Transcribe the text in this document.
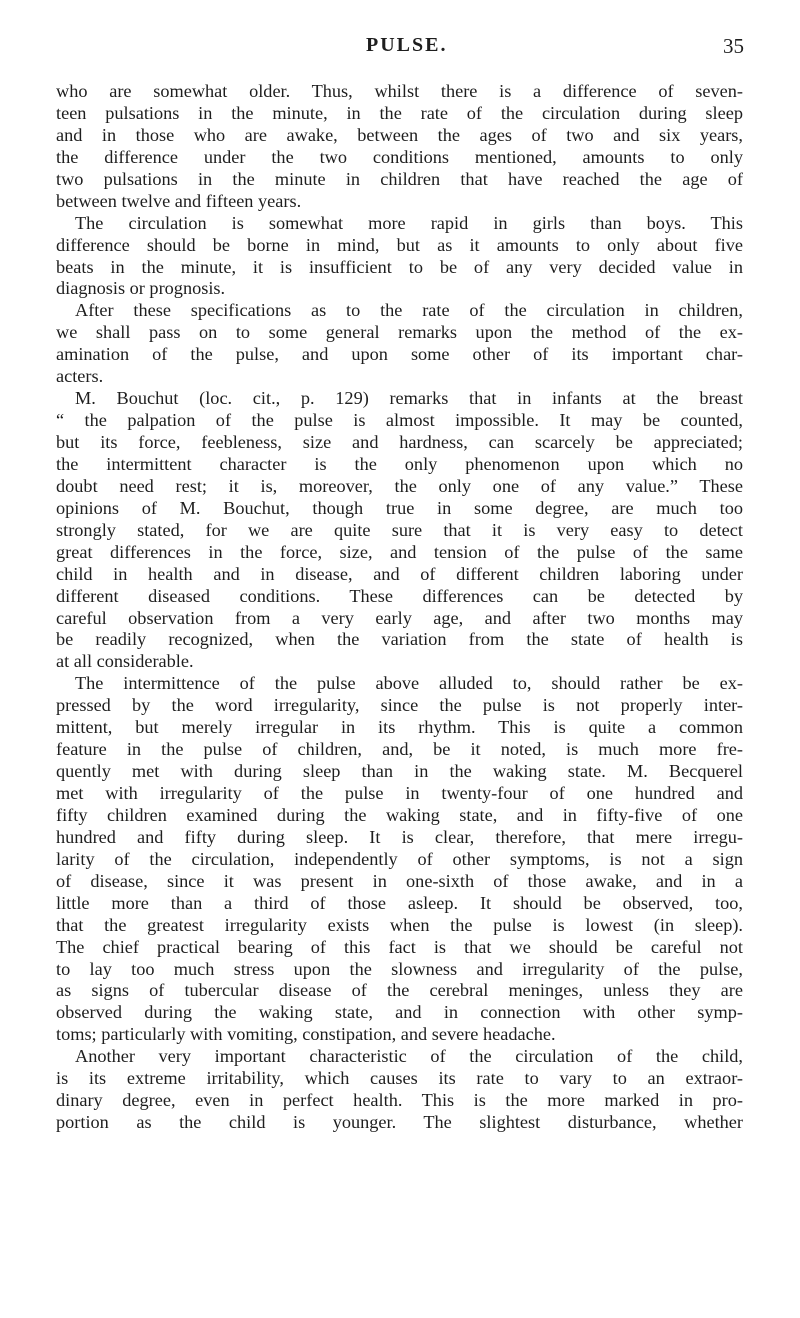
PULSE.	35
who are somewhat older. Thus, whilst there is a difference of seven-
teen pulsations in the minute, in the rate of the circulation during sleep
and in those who are awake, between the ages of two and six years,
the difference under the two conditions mentioned, amounts to only
two pulsations in the minute in children that have reached the age of
between twelve and fifteen years.
The circulation is somewhat more rapid in girls than boys. This
difference should be borne in mind, but as it amounts to only about five
beats in the minute, it is insufficient to be of any very decided value in
diagnosis or prognosis.
After these specifications as to the rate of the circulation in children,
we shall pass on to some general remarks upon the method of the ex-
amination of the pulse, and upon some other of its important char-
acters.
M. Bouchut (loc. cit., p. 129) remarks that in infants at the breast
“ the palpation of the pulse is almost impossible. It may be counted,
but its force, feebleness, size and hardness, can scarcely be appreciated;
the intermittent character is the only phenomenon upon which no
doubt need rest; it is, moreover, the only one of any value.” These
opinions of M. Bouchut, though true in some degree, are much too
strongly stated, for we are quite sure that it is very easy to detect
great differences in the force, size, and tension of the pulse of the same
child in health and in disease, and of different children laboring under
different diseased conditions. These differences can be detected by
careful observation from a very early age, and after two months may
be readily recognized, when the variation from the state of health is
at all considerable.
The intermittence of the pulse above alluded to, should rather be ex-
pressed by the word irregularity, since the pulse is not properly inter-
mittent, but merely irregular in its rhythm. This is quite a common
feature in the pulse of children, and, be it noted, is much more fre-
quently met with during sleep than in the waking state. M. Becquerel
met with irregularity of the pulse in twenty-four of one hundred and
fifty children examined during the waking state, and in fifty-five of one
hundred and fifty during sleep. It is clear, therefore, that mere irregu-
larity of the circulation, independently of other symptoms, is not a sign
of disease, since it was present in one-sixth of those awake, and in a
little more than a third of those asleep. It should be observed, too,
that the greatest irregularity exists when the pulse is lowest (in sleep).
The chief practical bearing of this fact is that we should be careful not
to lay too much stress upon the slowness and irregularity of the pulse,
as signs of tubercular disease of the cerebral meninges, unless they are
observed during the waking state, and in connection with other symp-
toms; particularly with vomiting, constipation, and severe headache.
Another very important characteristic of the circulation of the child,
is its extreme irritability, which causes its rate to vary to an extraor-
dinary degree, even in perfect health. This is the more marked in pro-
portion as the child is younger. The slightest disturbance, whether
